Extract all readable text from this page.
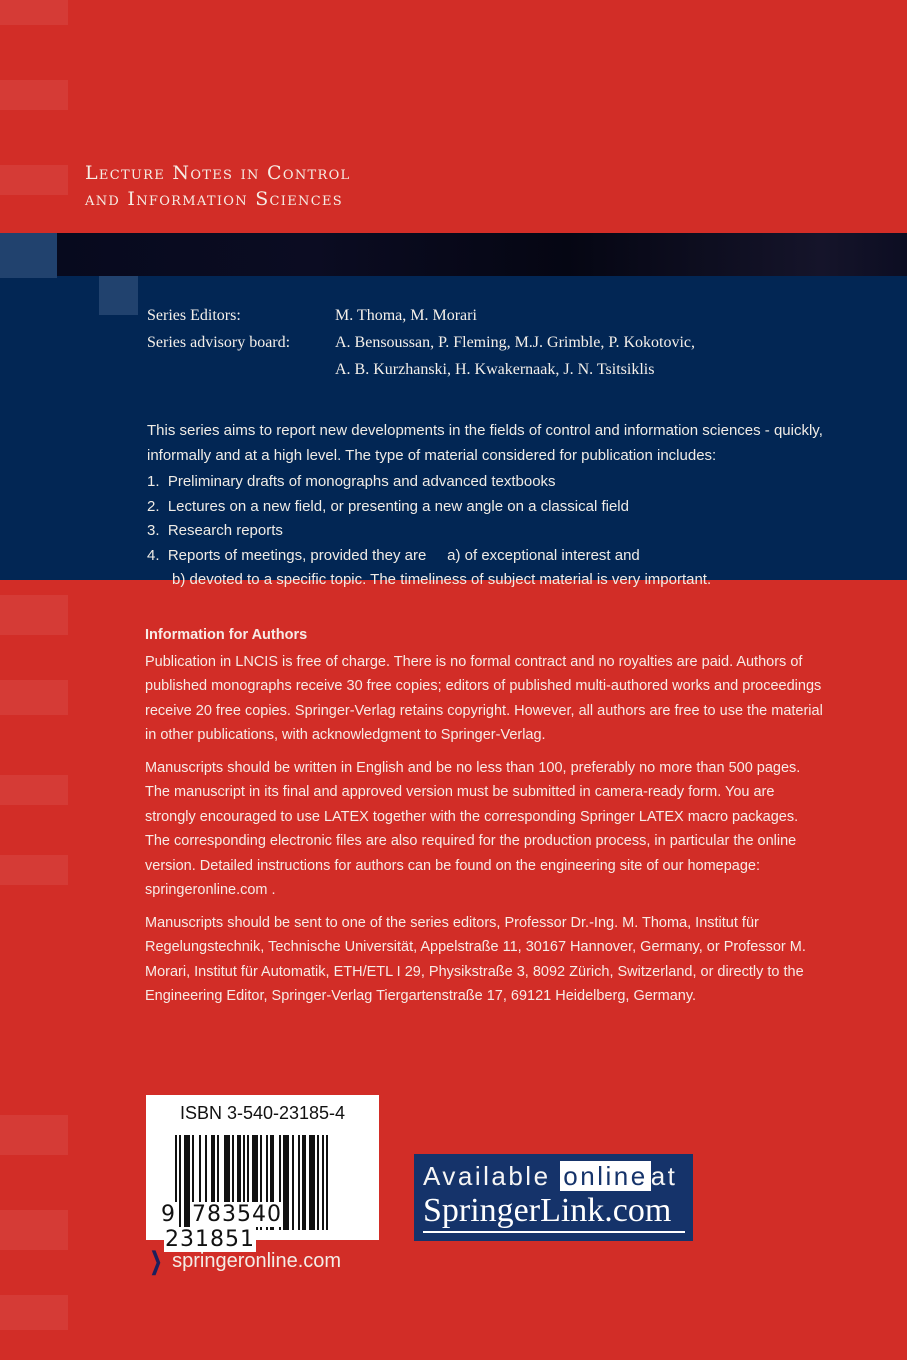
Lecture Notes in Control
and Information Sciences
Series Editors:	M. Thoma, M. Morari
Series advisory board:	A. Bensoussan, P. Fleming, M.J. Grimble, P. Kokotovic,
A. B. Kurzhanski, H. Kwakernaak, J. N. Tsitsiklis

This series aims to report new developments in the fields of control and information sciences - quickly, informally and at a high level. The type of material considered for publication includes:

1.  Preliminary drafts of monographs and advanced textbooks
2.  Lectures on a new field, or presenting a new angle on a classical field
3.  Research reports
4.  Reports of meetings, provided they are     a) of exceptional interest and
b) devoted to a specific topic. The timeliness of subject material is very important.
Information for Authors

Publication in LNCIS is free of charge. There is no formal contract and no royalties are paid. Authors of published monographs receive 30 free copies; editors of published multi-authored works and proceedings receive 20 free copies. Springer-Verlag retains copyright. However, all authors are free to use the material in other publications, with acknowledgment to Springer-Verlag.

Manuscripts should be written in English and be no less than 100, preferably no more than 500 pages. The manuscript in its final and approved version must be submitted in camera-ready form. You are strongly encouraged to use LATEX together with the corresponding Springer LATEX macro packages. The corresponding electronic files are also required for the production process, in particular the online version. Detailed instructions for authors can be found on the engineering site of our homepage: springeronline.com .

Manuscripts should be sent to one of the series editors, Professor Dr.-Ing. M. Thoma, Institut für Regelungstechnik, Technische Universität, Appelstraße 11, 30167 Hannover, Germany, or Professor M. Morari, Institut für Automatik, ETH/ETL I 29, Physikstraße 3, 8092 Zürich, Switzerland, or directly to the Engineering Editor, Springer-Verlag Tiergartenstraße 17, 69121 Heidelberg, Germany.

ISBN 3-540-23185-4
9 783540 231851
❯ springeronline.com
Available online at
SpringerLink.com
